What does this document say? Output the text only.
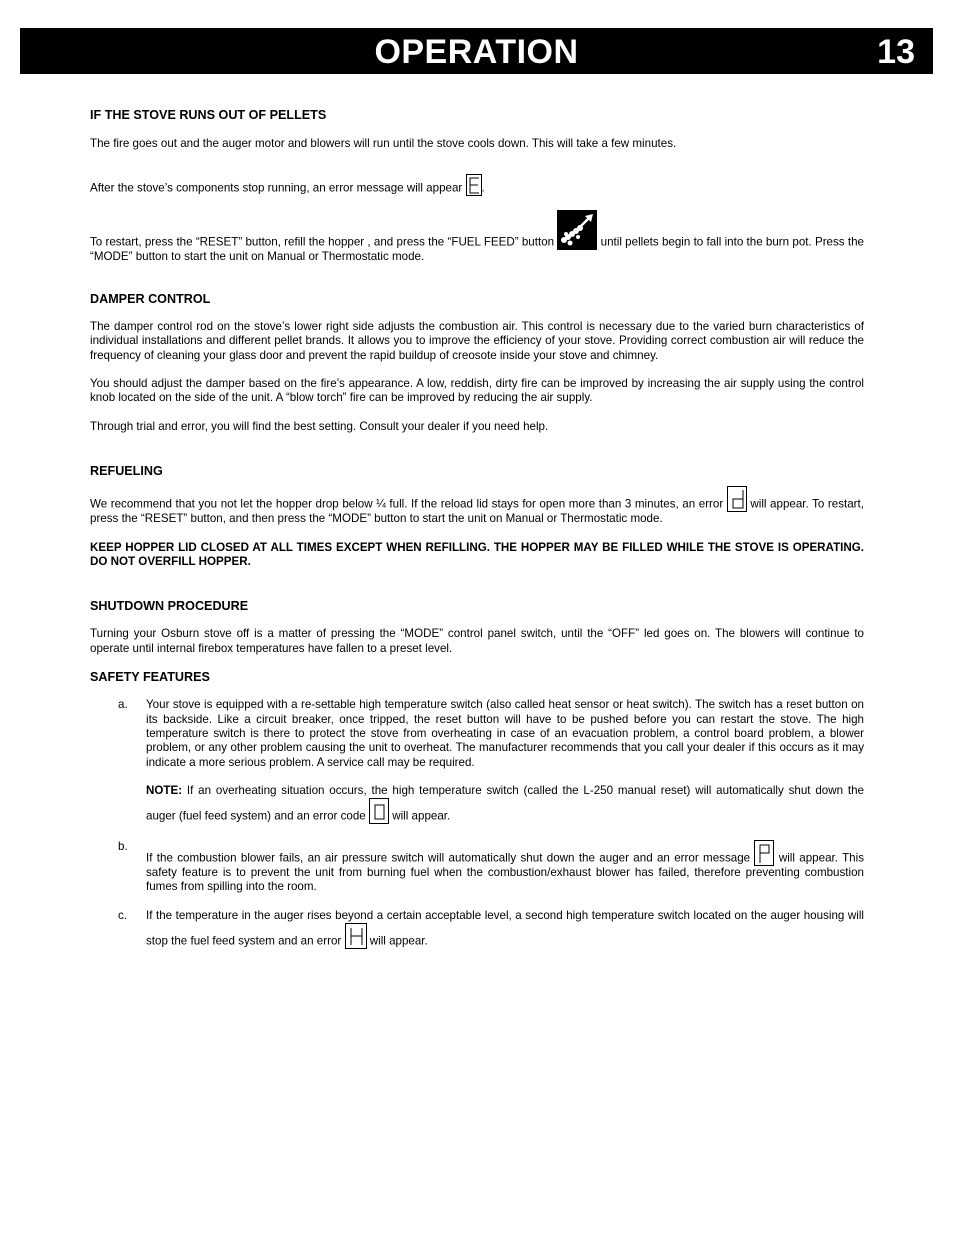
OPERATION	13
IF THE STOVE RUNS OUT OF PELLETS

The fire goes out and the auger motor and blowers will run until the stove cools down. This will take a few minutes.

After the stove’s components stop running, an error message will appear .

To restart, press the “RESET” button, refill the hopper , and press the “FUEL FEED” button	until pellets begin to fall into the burn pot. Press the “MODE” button to start the unit on Manual or Thermostatic mode.

DAMPER CONTROL

The damper control rod on the stove’s lower right side adjusts the combustion air. This control is necessary due to the varied burn characteristics of individual installations and different pellet brands. It allows you to improve the efficiency of your stove. Providing correct combustion air will reduce the frequency of cleaning your glass door and prevent the rapid buildup of creosote inside your stove and chimney.

You should adjust the damper based on the fire’s appearance. A low, reddish, dirty fire can be improved by increasing the air supply using the control knob located on the side of the unit. A “blow torch” fire can be improved by reducing the air supply.

Through trial and error, you will find the best setting. Consult your dealer if you need help.

REFUELING

We recommend that you not let the hopper drop below ¼ full. If the reload lid stays for open more than 3 minutes, an error will appear. To restart, press the “RESET” button, and then press the “MODE” button to start the unit on Manual or Thermostatic mode.

KEEP HOPPER LID CLOSED AT ALL TIMES EXCEPT WHEN REFILLING. THE HOPPER MAY BE FILLED WHILE THE STOVE IS OPERATING. DO NOT OVERFILL HOPPER.

SHUTDOWN PROCEDURE

Turning your Osburn stove off is a matter of pressing the “MODE” control panel switch, until the “OFF” led goes on. The blowers will continue to operate until internal firebox temperatures have fallen to a preset level.

SAFETY FEATURES
a. Your stove is equipped with a re-settable high temperature switch (also called heat sensor or heat switch). The switch has a reset button on its backside. Like a circuit breaker, once tripped, the reset button will have to be pushed before you can restart the stove. The high temperature switch is there to protect the stove from overheating in case of an evacuation problem, a control board problem, a blower problem, or any other problem causing the unit to overheat. The manufacturer recommends that you call your dealer if this occurs as it may indicate a more serious problem. A service call may be required.

NOTE: If an overheating situation occurs, the high temperature switch (called the L-250 manual reset) will automatically shut down the auger (fuel feed system) and an error code will appear.

b.

If the combustion blower fails, an air pressure switch will automatically shut down the auger and an error message will appear. This safety feature is to prevent the unit from burning fuel when the combustion/exhaust blower has failed, therefore preventing combustion fumes from spilling into the room.

c. If the temperature in the auger rises beyond a certain acceptable level, a second high temperature switch located on the auger housing will stop the fuel feed system and an error will appear.
